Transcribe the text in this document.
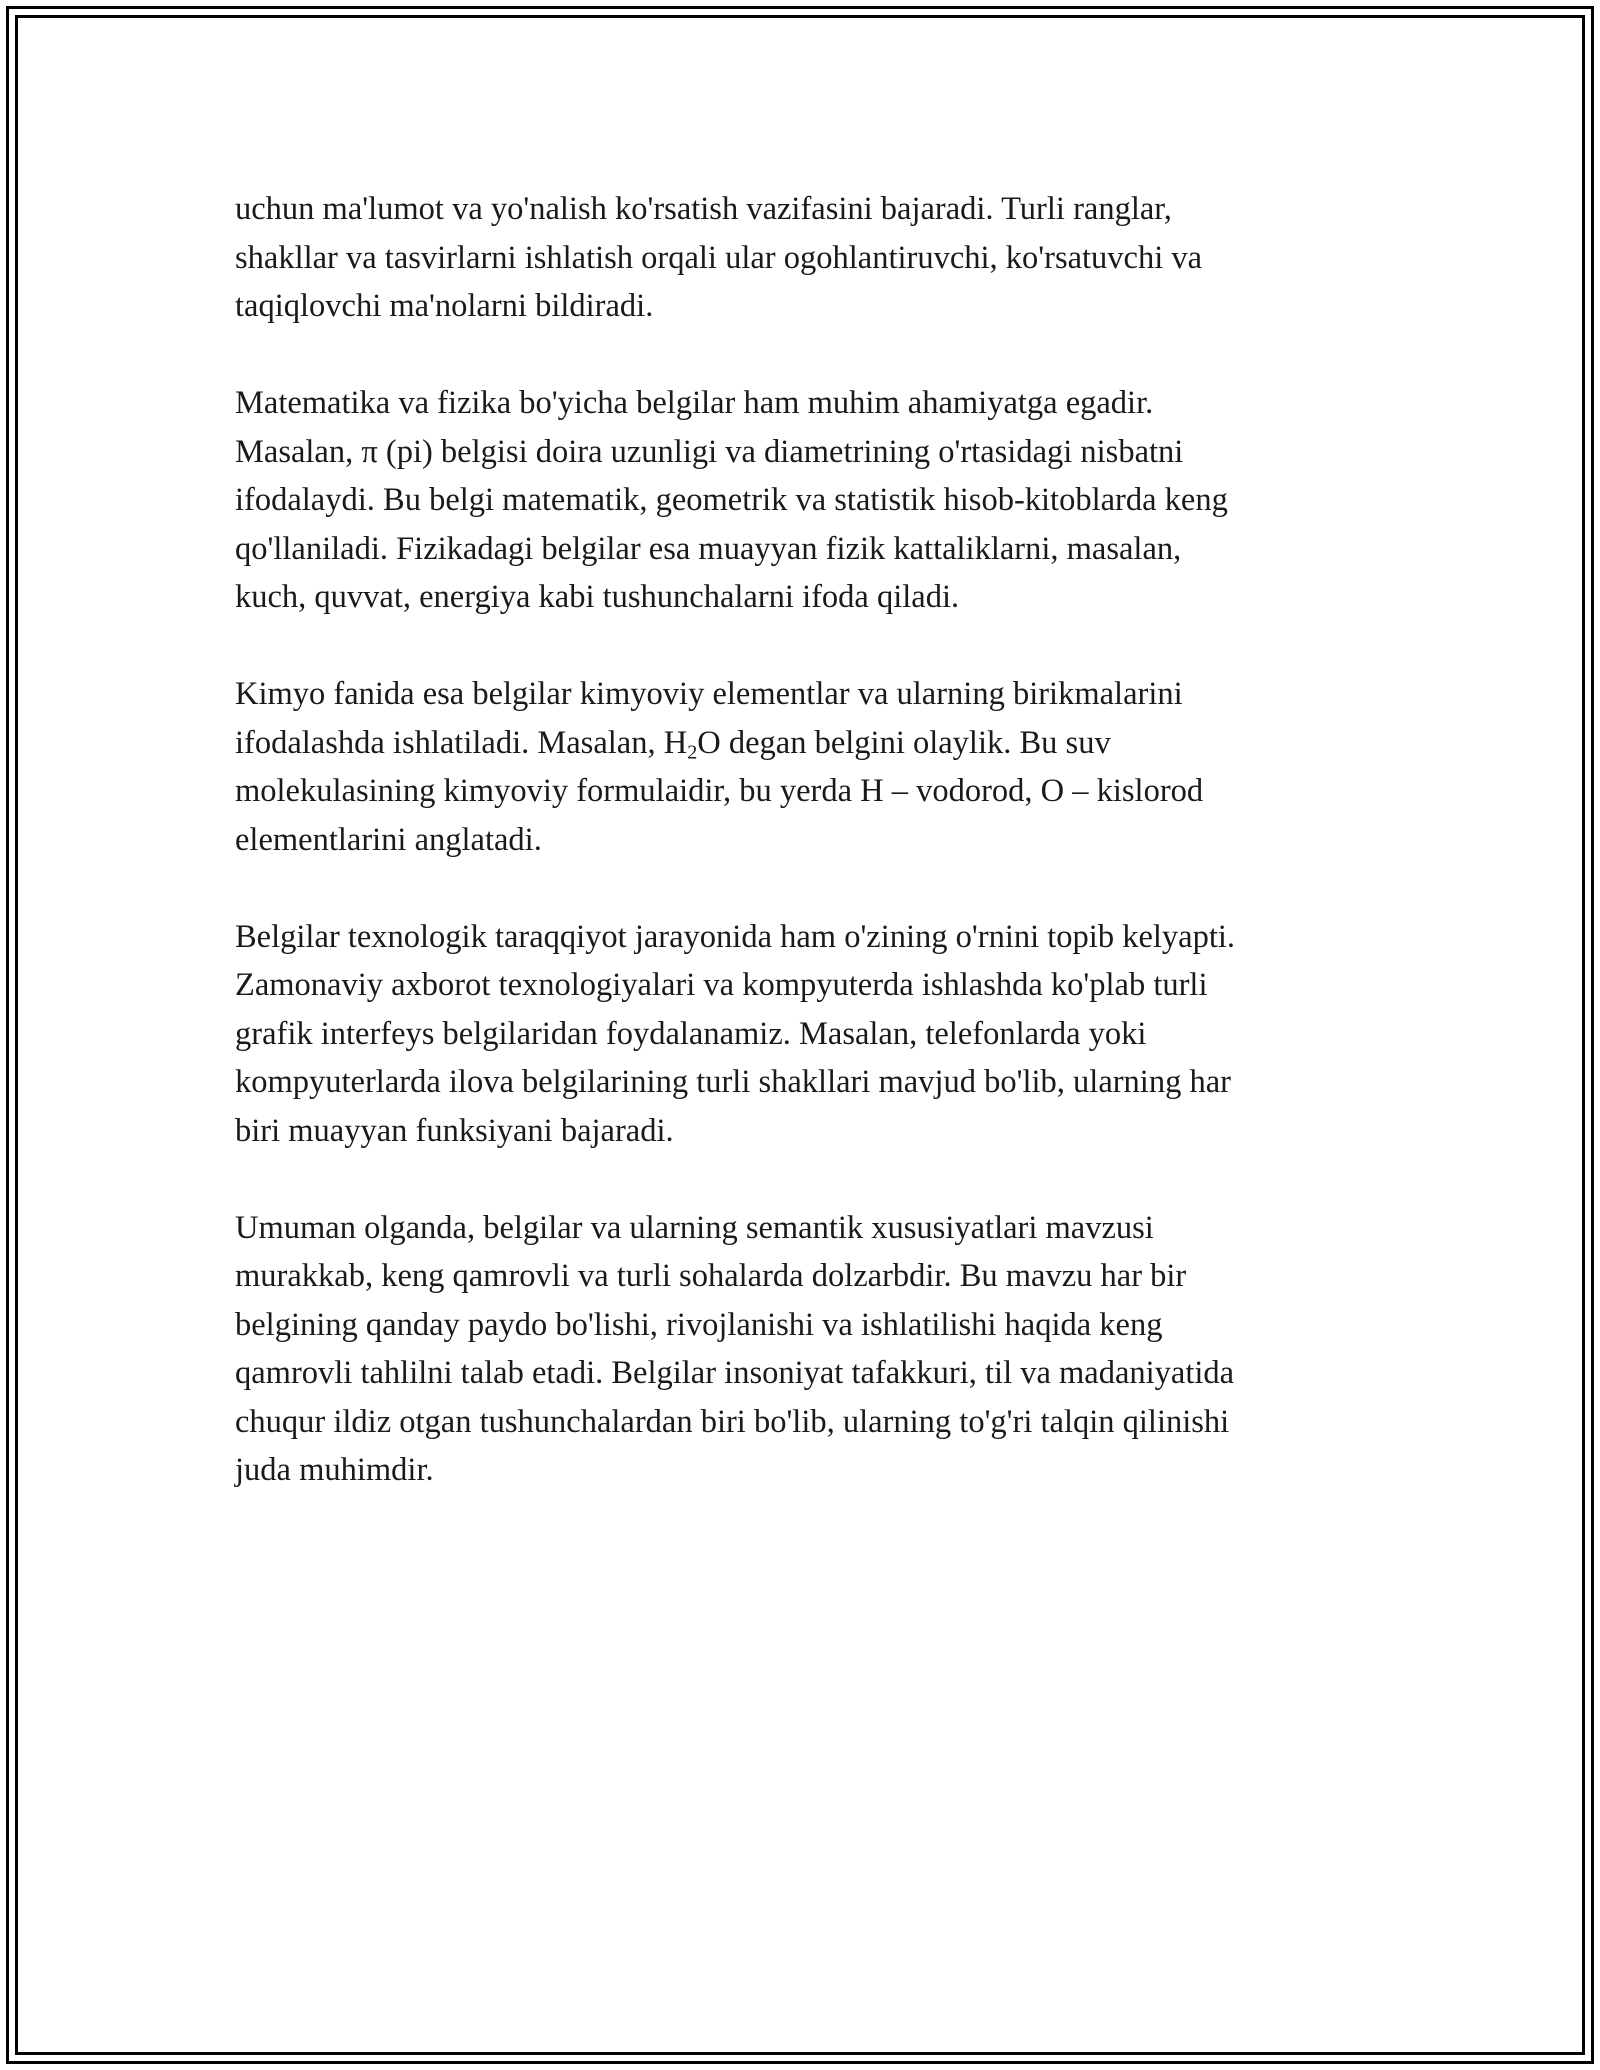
uchun ma'lumot va yo'nalish ko'rsatish vazifasini bajaradi. Turli ranglar,
shakllar va tasvirlarni ishlatish orqali ular ogohlantiruvchi, ko'rsatuvchi va
taqiqlovchi ma'nolarni bildiradi.

Matematika va fizika bo'yicha belgilar ham muhim ahamiyatga egadir.
Masalan, π (pi) belgisi doira uzunligi va diametrining o'rtasidagi nisbatni
ifodalaydi. Bu belgi matematik, geometrik va statistik hisob-kitoblarda keng
qo'llaniladi. Fizikadagi belgilar esa muayyan fizik kattaliklarni, masalan,
kuch, quvvat, energiya kabi tushunchalarni ifoda qiladi.

Kimyo fanida esa belgilar kimyoviy elementlar va ularning birikmalarini
ifodalashda ishlatiladi. Masalan, $H_2O$ degan belgini olaylik. Bu suv
molekulasining kimyoviy formulaidir, bu yerda H – vodorod, O – kislorod
elementlarini anglatadi.

Belgilar texnologik taraqqiyot jarayonida ham o'zining o'rnini topib kelyapti.
Zamonaviy axborot texnologiyalari va kompyuterda ishlashda ko'plab turli
grafik interfeys belgilaridan foydalanamiz. Masalan, telefonlarda yoki
kompyuterlarda ilova belgilarining turli shakllari mavjud bo'lib, ularning har
biri muayyan funksiyani bajaradi.

Umuman olganda, belgilar va ularning semantik xususiyatlari mavzusi
murakkab, keng qamrovli va turli sohalarda dolzarbdir. Bu mavzu har bir
belgining qanday paydo bo'lishi, rivojlanishi va ishlatilishi haqida keng
qamrovli tahlilni talab etadi. Belgilar insoniyat tafakkuri, til va madaniyatida
chuqur ildiz otgan tushunchalardan biri bo'lib, ularning to'g'ri talqin qilinishi
juda muhimdir.
